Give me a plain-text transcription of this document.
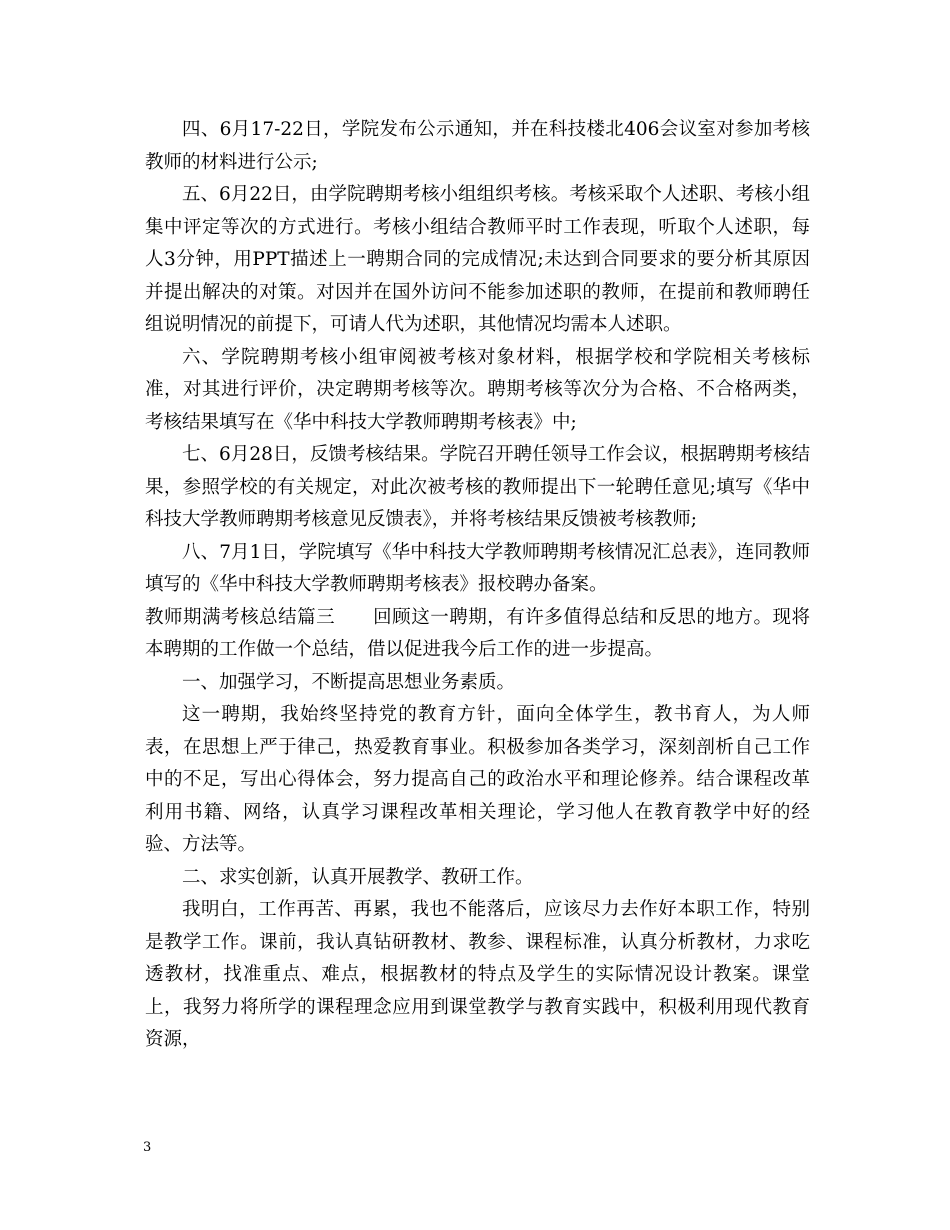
四、6月17-22日，学院发布公示通知，并在科技楼北406会议室对参加考核教师的材料进行公示;

五、6月22日，由学院聘期考核小组组织考核。考核采取个人述职、考核小组集中评定等次的方式进行。考核小组结合教师平时工作表现，听取个人述职，每人3分钟，用PPT描述上一聘期合同的完成情况;未达到合同要求的要分析其原因并提出解决的对策。对因并在国外访问不能参加述职的教师，在提前和教师聘任组说明情况的前提下，可请人代为述职，其他情况均需本人述职。

六、学院聘期考核小组审阅被考核对象材料，根据学校和学院相关考核标准，对其进行评价，决定聘期考核等次。聘期考核等次分为合格、不合格两类，考核结果填写在《华中科技大学教师聘期考核表》中;

七、6月28日，反馈考核结果。学院召开聘任领导工作会议，根据聘期考核结果，参照学校的有关规定，对此次被考核的教师提出下一轮聘任意见;填写《华中科技大学教师聘期考核意见反馈表》，并将考核结果反馈被考核教师;

八、7月1日，学院填写《华中科技大学教师聘期考核情况汇总表》，连同教师填写的《华中科技大学教师聘期考核表》报校聘办备案。

教师期满考核总结篇三　　回顾这一聘期，有许多值得总结和反思的地方。现将本聘期的工作做一个总结，借以促进我今后工作的进一步提高。

一、加强学习，不断提高思想业务素质。

这一聘期，我始终坚持党的教育方针，面向全体学生，教书育人，为人师表，在思想上严于律己，热爱教育事业。积极参加各类学习，深刻剖析自己工作中的不足，写出心得体会，努力提高自己的政治水平和理论修养。结合课程改革利用书籍、网络，认真学习课程改革相关理论，学习他人在教育教学中好的经验、方法等。

二、求实创新，认真开展教学、教研工作。

我明白，工作再苦、再累，我也不能落后，应该尽力去作好本职工作，特别是教学工作。课前，我认真钻研教材、教参、课程标准，认真分析教材，力求吃透教材，找准重点、难点，根据教材的特点及学生的实际情况设计教案。课堂上，我努力将所学的课程理念应用到课堂教学与教育实践中，积极利用现代教育资源，

3
